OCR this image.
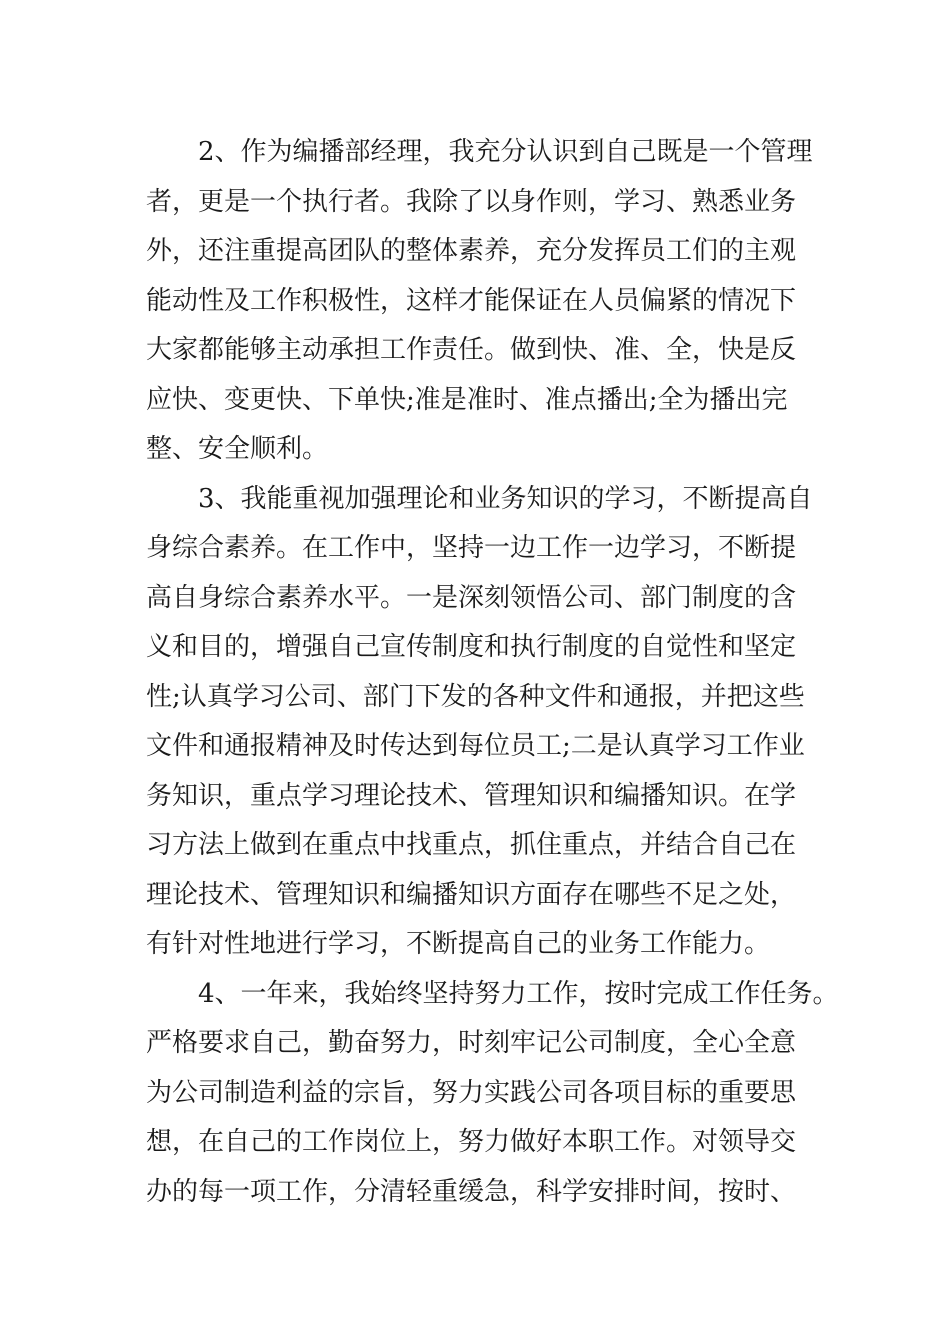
　　2、作为编播部经理，我充分认识到自己既是一个管理
者，更是一个执行者。我除了以身作则，学习、熟悉业务
外，还注重提高团队的整体素养，充分发挥员工们的主观
能动性及工作积极性，这样才能保证在人员偏紧的情况下
大家都能够主动承担工作责任。做到快、准、全，快是反
应快、变更快、下单快;准是准时、准点播出;全为播出完
整、安全顺利。
　　3、我能重视加强理论和业务知识的学习，不断提高自
身综合素养。在工作中，坚持一边工作一边学习，不断提
高自身综合素养水平。一是深刻领悟公司、部门制度的含
义和目的，增强自己宣传制度和执行制度的自觉性和坚定
性;认真学习公司、部门下发的各种文件和通报，并把这些
文件和通报精神及时传达到每位员工;二是认真学习工作业
务知识，重点学习理论技术、管理知识和编播知识。在学
习方法上做到在重点中找重点，抓住重点，并结合自己在
理论技术、管理知识和编播知识方面存在哪些不足之处，
有针对性地进行学习，不断提高自己的业务工作能力。
　　4、一年来，我始终坚持努力工作，按时完成工作任务。
严格要求自己，勤奋努力，时刻牢记公司制度，全心全意
为公司制造利益的宗旨，努力实践公司各项目标的重要思
想，在自己的工作岗位上，努力做好本职工作。对领导交
办的每一项工作，分清轻重缓急，科学安排时间，按时、
